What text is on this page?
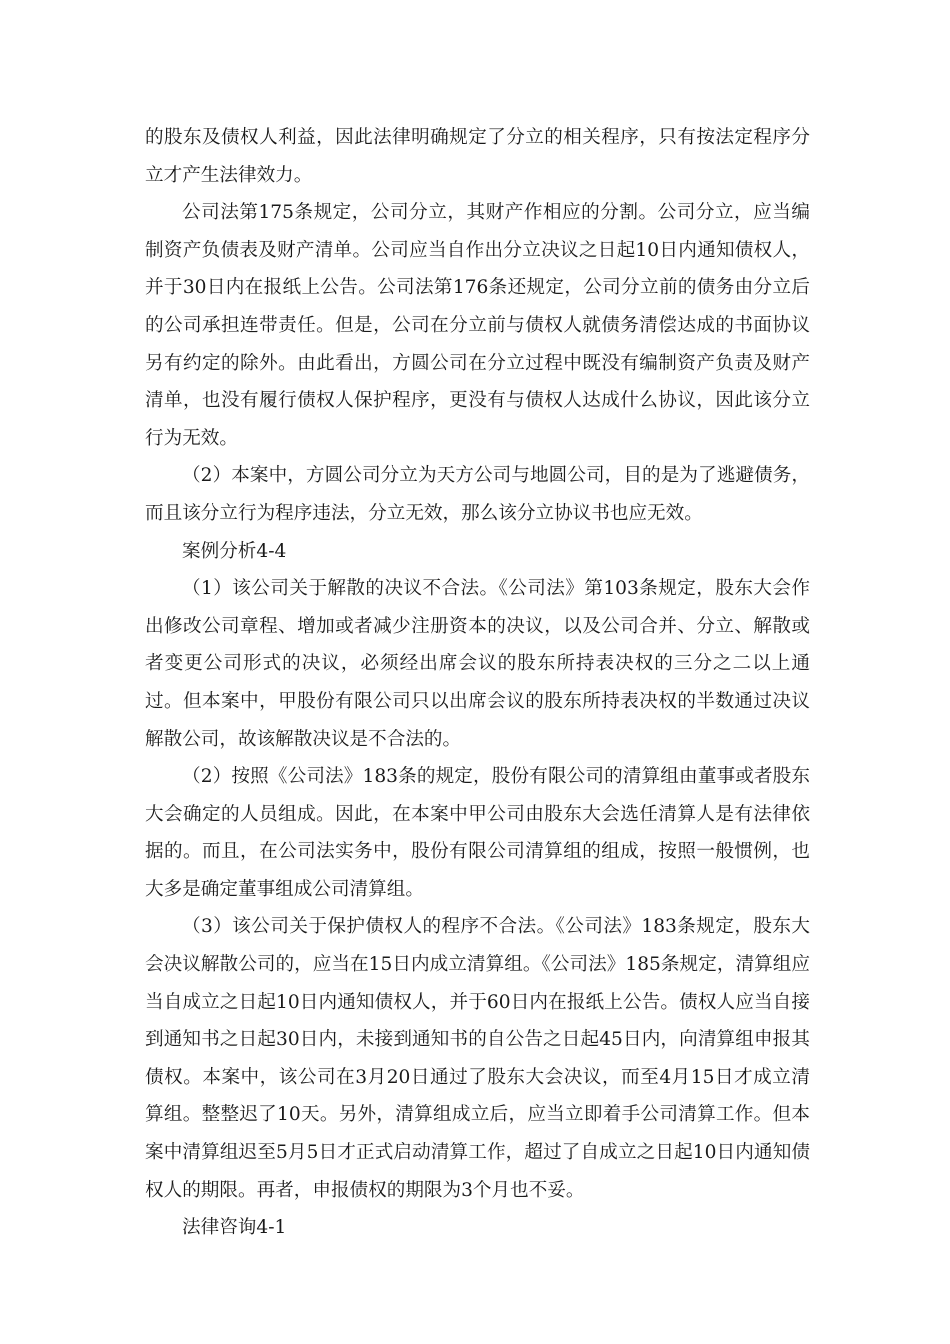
的股东及债权人利益，因此法律明确规定了分立的相关程序，只有按法定程序分立才产生法律效力。

公司法第175条规定，公司分立，其财产作相应的分割。公司分立，应当编制资产负债表及财产清单。公司应当自作出分立决议之日起10日内通知债权人，并于30日内在报纸上公告。公司法第176条还规定，公司分立前的债务由分立后的公司承担连带责任。但是，公司在分立前与债权人就债务清偿达成的书面协议另有约定的除外。由此看出，方圆公司在分立过程中既没有编制资产负责及财产清单，也没有履行债权人保护程序，更没有与债权人达成什么协议，因此该分立行为无效。

（2）本案中，方圆公司分立为天方公司与地圆公司，目的是为了逃避债务，而且该分立行为程序违法，分立无效，那么该分立协议书也应无效。

案例分析4-4

（1）该公司关于解散的决议不合法。《公司法》第103条规定，股东大会作出修改公司章程、增加或者减少注册资本的决议，以及公司合并、分立、解散或者变更公司形式的决议，必须经出席会议的股东所持表决权的三分之二以上通过。但本案中，甲股份有限公司只以出席会议的股东所持表决权的半数通过决议解散公司，故该解散决议是不合法的。

（2）按照《公司法》183条的规定，股份有限公司的清算组由董事或者股东大会确定的人员组成。因此，在本案中甲公司由股东大会选任清算人是有法律依据的。而且，在公司法实务中，股份有限公司清算组的组成，按照一般惯例，也大多是确定董事组成公司清算组。

（3）该公司关于保护债权人的程序不合法。《公司法》183条规定，股东大会决议解散公司的，应当在15日内成立清算组。《公司法》185条规定，清算组应当自成立之日起10日内通知债权人，并于60日内在报纸上公告。债权人应当自接到通知书之日起30日内，未接到通知书的自公告之日起45日内，向清算组申报其债权。本案中，该公司在3月20日通过了股东大会决议，而至4月15日才成立清算组。整整迟了10天。另外，清算组成立后，应当立即着手公司清算工作。但本案中清算组迟至5月5日才正式启动清算工作，超过了自成立之日起10日内通知债权人的期限。再者，申报债权的期限为3个月也不妥。

法律咨询4-1
